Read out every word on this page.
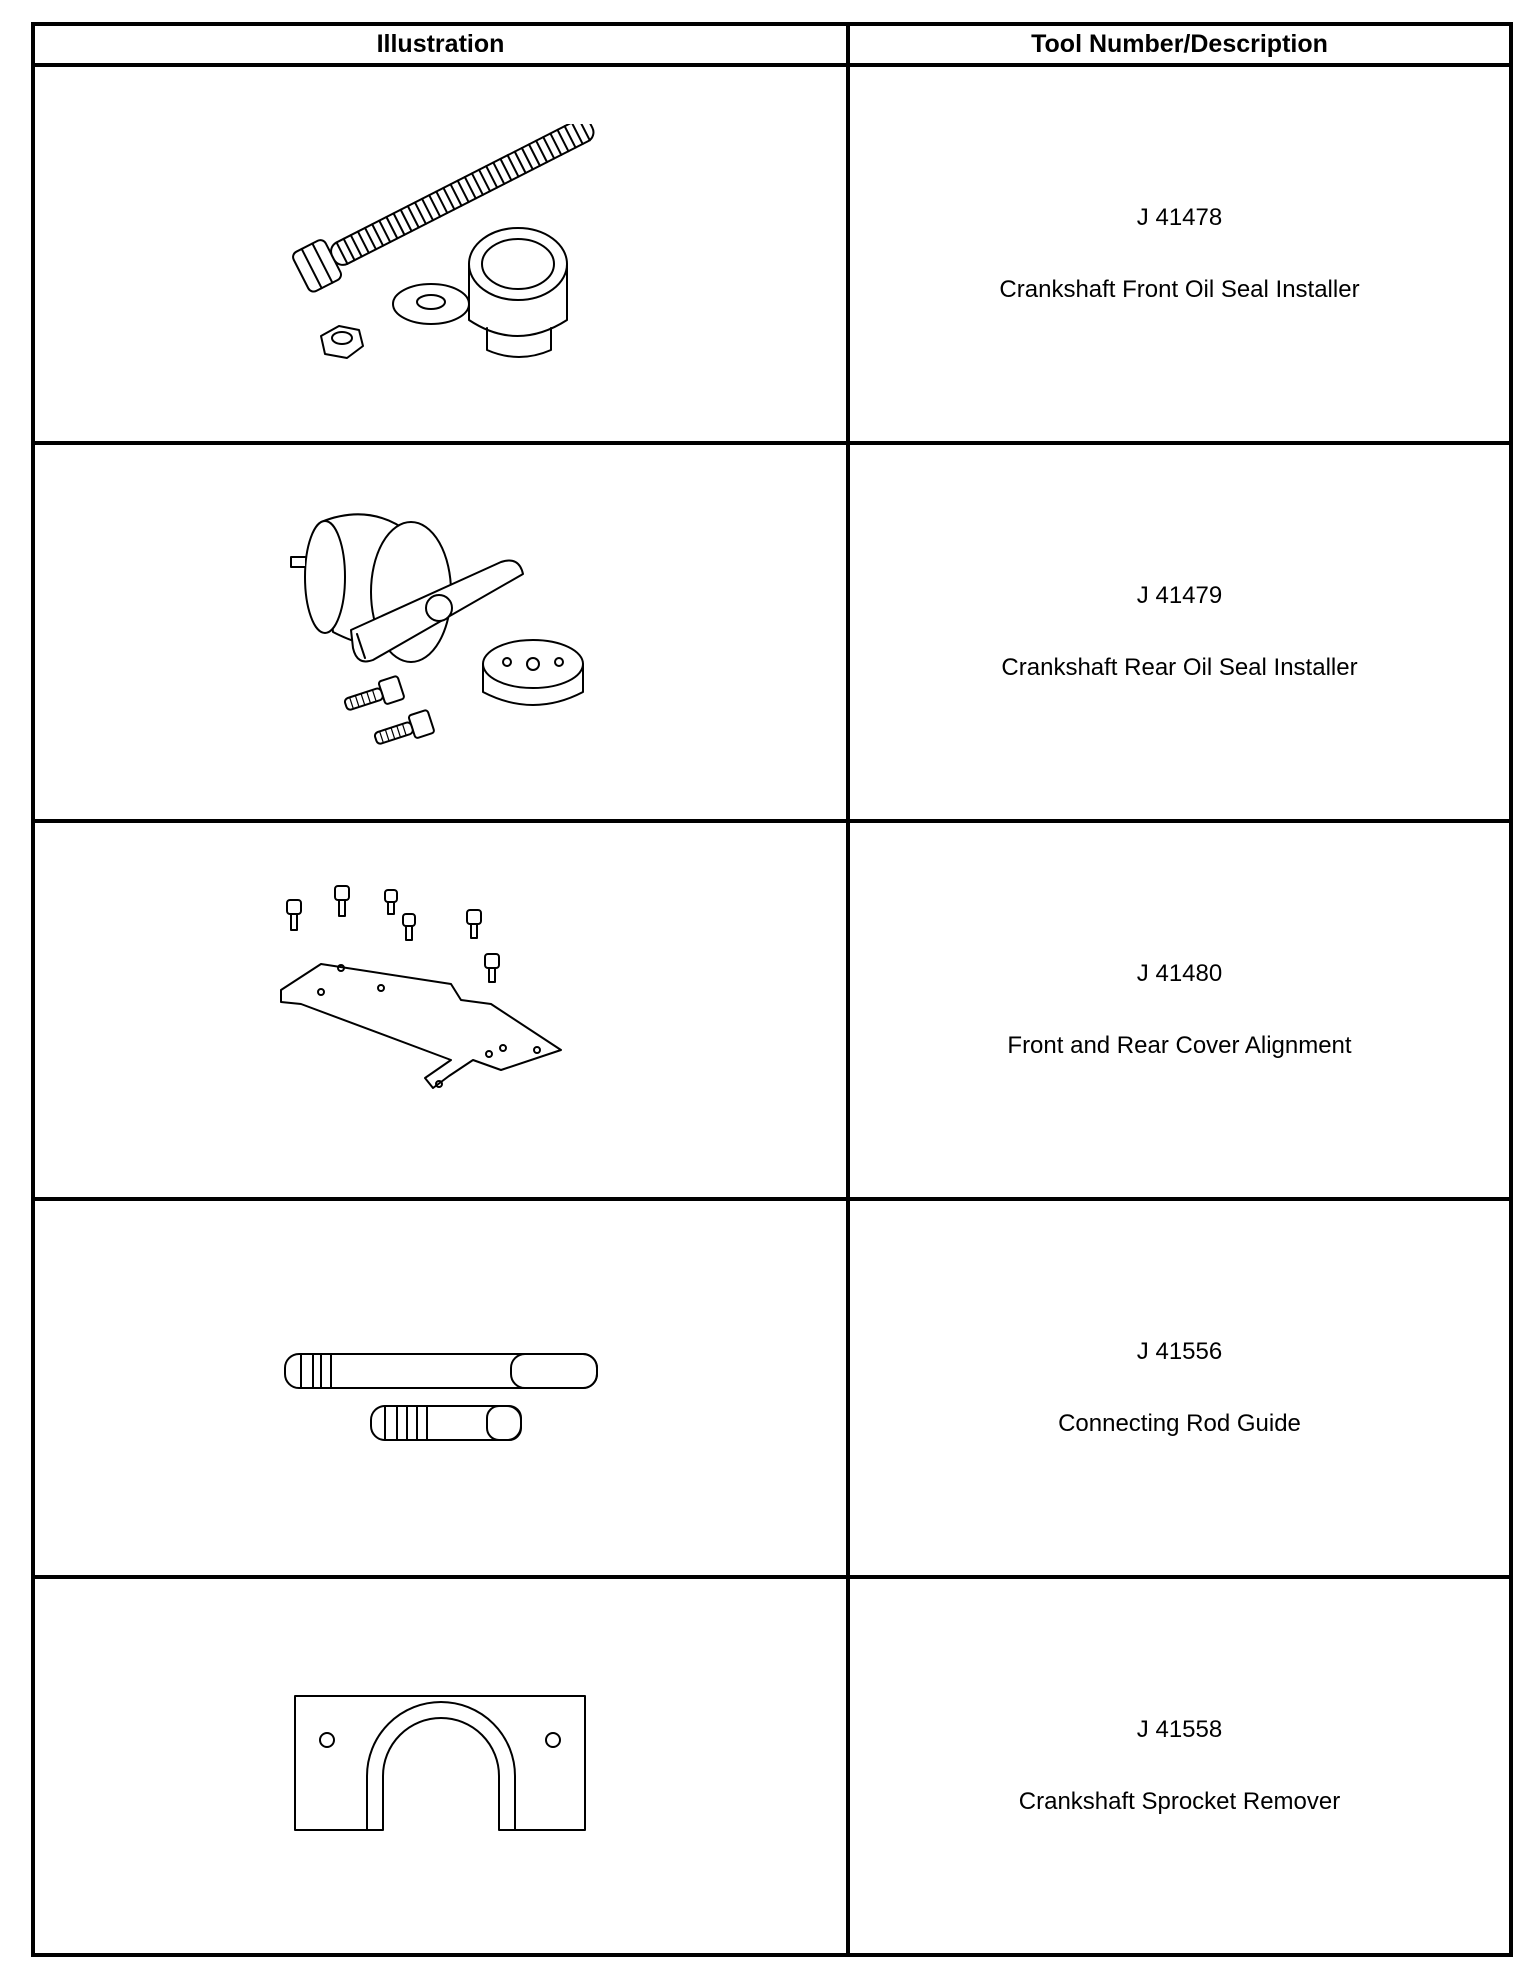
Illustration	Tool Number/Description

J 41478
Crankshaft Front Oil Seal Installer

J 41479
Crankshaft Rear Oil Seal Installer

J 41480
Front and Rear Cover Alignment

J 41556
Connecting Rod Guide

J 41558
Crankshaft Sprocket Remover
